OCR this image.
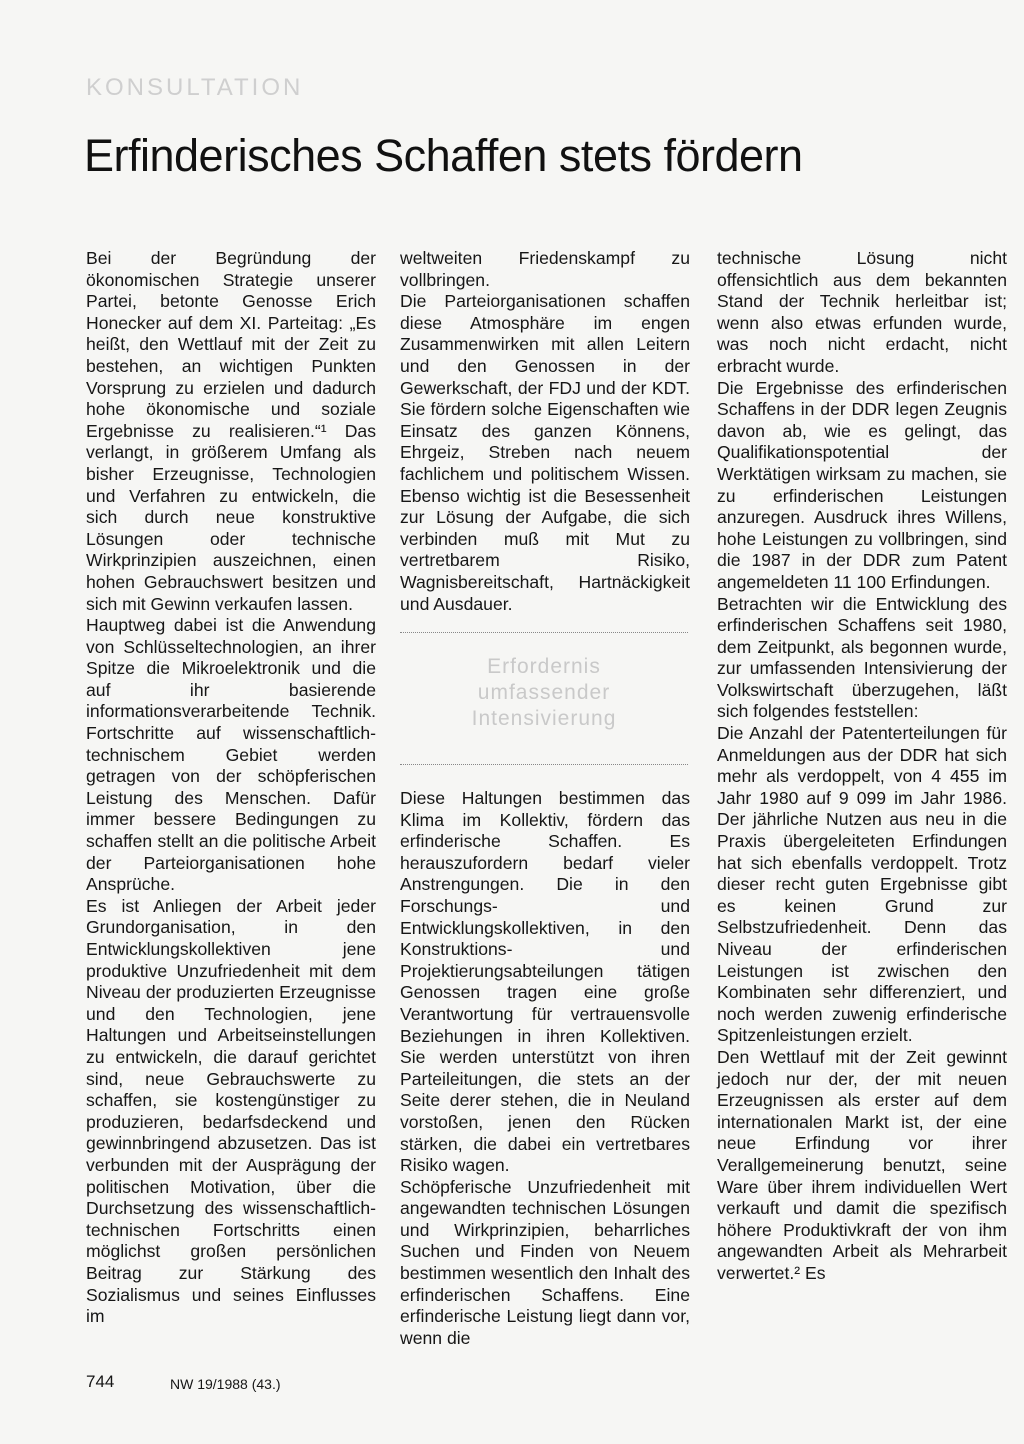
KONSULTATION
Erfinderisches Schaffen stets fördern

Bei der Begründung der ökonomischen Strategie unserer Partei, betonte Genosse Erich Honecker auf dem XI. Parteitag: „Es heißt, den Wettlauf mit der Zeit zu bestehen, an wichtigen Punkten Vorsprung zu erzielen und dadurch hohe ökonomische und soziale Ergebnisse zu realisieren.“¹ Das verlangt, in größerem Umfang als bisher Erzeugnisse, Technologien und Verfahren zu entwickeln, die sich durch neue konstruktive Lösungen oder technische Wirkprinzipien auszeichnen, einen hohen Gebrauchswert besitzen und sich mit Gewinn verkaufen lassen.

Hauptweg dabei ist die Anwendung von Schlüsseltechnologien, an ihrer Spitze die Mikroelektronik und die auf ihr basierende informationsverarbeitende Technik. Fortschritte auf wissenschaftlich-technischem Gebiet werden getragen von der schöpferischen Leistung des Menschen. Dafür immer bessere Bedingungen zu schaffen stellt an die politische Arbeit der Parteiorganisationen hohe Ansprüche.

Es ist Anliegen der Arbeit jeder Grundorganisation, in den Entwicklungskollektiven jene produktive Unzufriedenheit mit dem Niveau der produzierten Erzeugnisse und den Technologien, jene Haltungen und Arbeitseinstellungen zu entwickeln, die darauf gerichtet sind, neue Gebrauchswerte zu schaffen, sie kostengünstiger zu produzieren, bedarfsdeckend und gewinnbringend abzusetzen. Das ist verbunden mit der Ausprägung der politischen Motivation, über die Durchsetzung des wissenschaftlich-technischen Fortschritts einen möglichst großen persönlichen Beitrag zur Stärkung des Sozialismus und seines Einflusses im

weltweiten Friedenskampf zu vollbringen.

Die Parteiorganisationen schaffen diese Atmosphäre im engen Zusammenwirken mit allen Leitern und den Genossen in der Gewerkschaft, der FDJ und der KDT. Sie fördern solche Eigenschaften wie Einsatz des ganzen Könnens, Ehrgeiz, Streben nach neuem fachlichem und politischem Wissen. Ebenso wichtig ist die Besessenheit zur Lösung der Aufgabe, die sich verbinden muß mit Mut zu vertretbarem Risiko, Wagnisbereitschaft, Hartnäckigkeit und Ausdauer.

Erfordernis
umfassender
Intensivierung

Diese Haltungen bestimmen das Klima im Kollektiv, fördern das erfinderische Schaffen. Es herauszufordern bedarf vieler Anstrengungen. Die in den Forschungs- und Entwicklungskollektiven, in den Konstruktions- und Projektierungsabteilungen tätigen Genossen tragen eine große Verantwortung für vertrauensvolle Beziehungen in ihren Kollektiven. Sie werden unterstützt von ihren Parteileitungen, die stets an der Seite derer stehen, die in Neuland vorstoßen, jenen den Rücken stärken, die dabei ein vertretbares Risiko wagen.

Schöpferische Unzufriedenheit mit angewandten technischen Lösungen und Wirkprinzipien, beharrliches Suchen und Finden von Neuem bestimmen wesentlich den Inhalt des erfinderischen Schaffens. Eine erfinderische Leistung liegt dann vor, wenn die

technische Lösung nicht offensichtlich aus dem bekannten Stand der Technik herleitbar ist; wenn also etwas erfunden wurde, was noch nicht erdacht, nicht erbracht wurde.

Die Ergebnisse des erfinderischen Schaffens in der DDR legen Zeugnis davon ab, wie es gelingt, das Qualifikationspotential der Werktätigen wirksam zu machen, sie zu erfinderischen Leistungen anzuregen. Ausdruck ihres Willens, hohe Leistungen zu vollbringen, sind die 1987 in der DDR zum Patent angemeldeten 11 100 Erfindungen.

Betrachten wir die Entwicklung des erfinderischen Schaffens seit 1980, dem Zeitpunkt, als begonnen wurde, zur umfassenden Intensivierung der Volkswirtschaft überzugehen, läßt sich folgendes feststellen:

Die Anzahl der Patenterteilungen für Anmeldungen aus der DDR hat sich mehr als verdoppelt, von 4 455 im Jahr 1980 auf 9 099 im Jahr 1986. Der jährliche Nutzen aus neu in die Praxis übergeleiteten Erfindungen hat sich ebenfalls verdoppelt. Trotz dieser recht guten Ergebnisse gibt es keinen Grund zur Selbstzufriedenheit. Denn das Niveau der erfinderischen Leistungen ist zwischen den Kombinaten sehr differenziert, und noch werden zuwenig erfinderische Spitzenleistungen erzielt.

Den Wettlauf mit der Zeit gewinnt jedoch nur der, der mit neuen Erzeugnissen als erster auf dem internationalen Markt ist, der eine neue Erfindung vor ihrer Verallgemeinerung benutzt, seine Ware über ihrem individuellen Wert verkauft und damit die spezifisch höhere Produktivkraft der von ihm angewandten Arbeit als Mehrarbeit verwertet.² Es

744	NW 19/1988 (43.)
